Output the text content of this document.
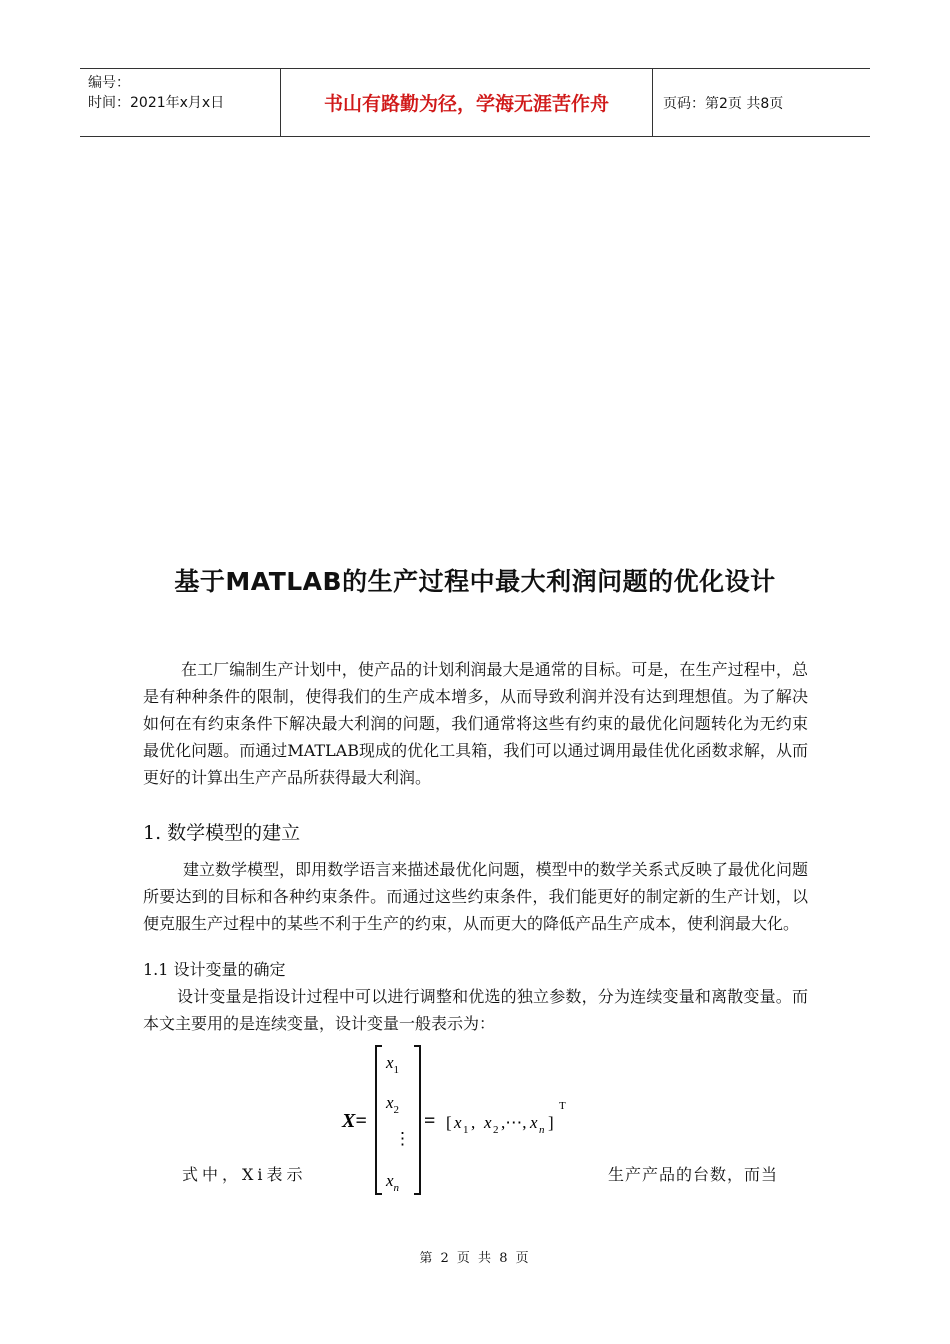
编号：
时间：2021年x月x日	书山有路勤为径，学海无涯苦作舟	页码：第2页 共8页
基于MATLAB的生产过程中最大利润问题的优化设计

在工厂编制生产计划中，使产品的计划利润最大是通常的目标。可是，在生产过程中，总是有种种条件的限制，使得我们的生产成本增多，从而导致利润并没有达到理想值。为了解决如何在有约束条件下解决最大利润的问题，我们通常将这些有约束的最优化问题转化为无约束最优化问题。而通过MATLAB现成的优化工具箱，我们可以通过调用最佳优化函数求解，从而更好的计算出生产产品所获得最大利润。

1. 数学模型的建立

建立数学模型，即用数学语言来描述最优化问题，模型中的数学关系式反映了最优化问题所要达到的目标和各种约束条件。而通过这些约束条件，我们能更好的制定新的生产计划，以便克服生产过程中的某些不利于生产的约束，从而更大的降低产品生产成本，使利润最大化。

1.1 设计变量的确定

设计变量是指设计过程中可以进行调整和优选的独立参数，分为连续变量和离散变量。而本文主要用的是连续变量，设计变量一般表示为：

X=
$x_1$
$x_2$
⋮
$x_n$
= [ x 1 , x 2 ,⋯, x n ]
T
式中，Xi表示	生产产品的台数，而当
第 2 页 共 8 页
